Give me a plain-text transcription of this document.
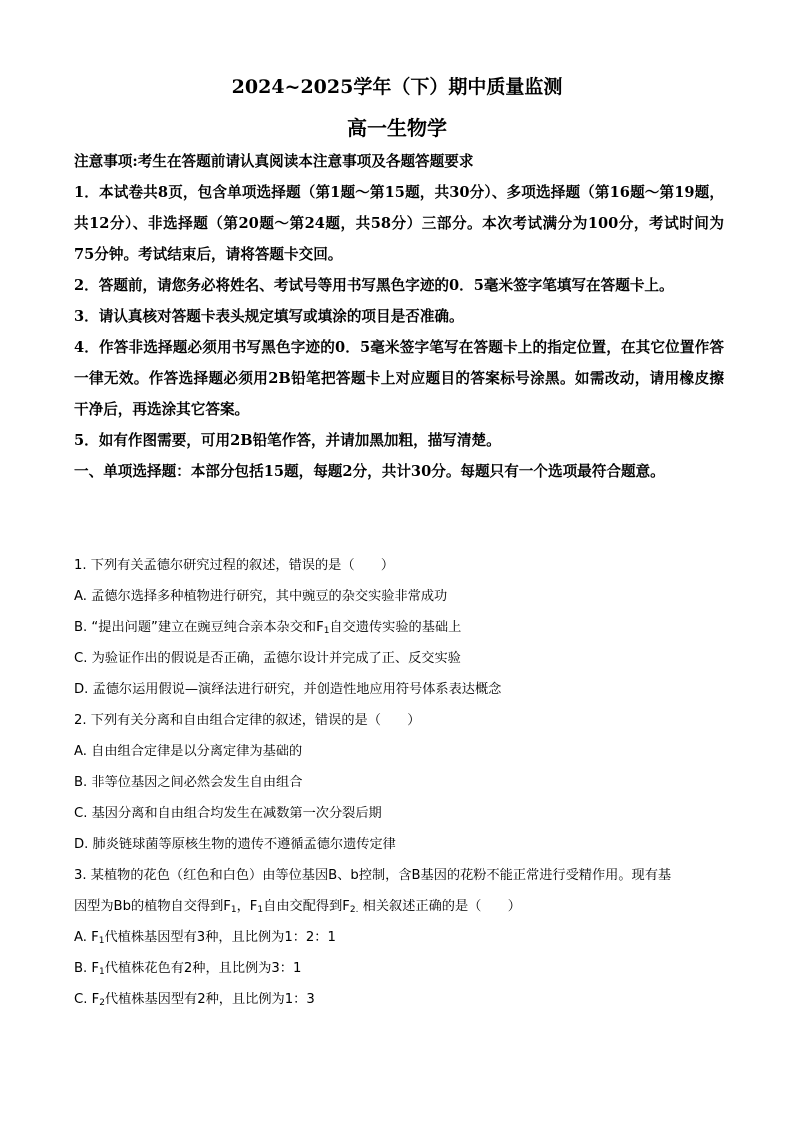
2024~2025学年（下）期中质量监测
高一生物学

注意事项:考生在答题前请认真阅读本注意事项及各题答题要求

1．本试卷共8页，包含单项选择题（第1题～第15题，共30分）、多项选择题（第16题～第19题，共12分）、非选择题（第20题～第24题，共58分）三部分。本次考试满分为100分，考试时间为75分钟。考试结束后，请将答题卡交回。

2．答题前，请您务必将姓名、考试号等用书写黑色字迹的0．5毫米签字笔填写在答题卡上。

3．请认真核对答题卡表头规定填写或填涂的项目是否准确。

4．作答非选择题必须用书写黑色字迹的0．5毫米签字笔写在答题卡上的指定位置，在其它位置作答一律无效。作答选择题必须用2B铅笔把答题卡上对应题目的答案标号涂黑。如需改动，请用橡皮擦干净后，再选涂其它答案。

5．如有作图需要，可用2B铅笔作答，并请加黑加粗，描写清楚。

一、单项选择题：本部分包括15题，每题2分，共计30分。每题只有一个选项最符合题意。

1. 下列有关孟德尔研究过程的叙述，错误的是（　　）

A. 孟德尔选择多种植物进行研究，其中豌豆的杂交实验非常成功

B. “提出问题”建立在豌豆纯合亲本杂交和$F_1$自交遗传实验的基础上

C. 为验证作出的假说是否正确，孟德尔设计并完成了正、反交实验

D. 孟德尔运用假说—演绎法进行研究，并创造性地应用符号体系表达概念

2. 下列有关分离和自由组合定律的叙述，错误的是（　　）

A. 自由组合定律是以分离定律为基础的

B. 非等位基因之间必然会发生自由组合

C. 基因分离和自由组合均发生在减数第一次分裂后期

D. 肺炎链球菌等原核生物的遗传不遵循孟德尔遗传定律

3. 某植物的花色（红色和白色）由等位基因B、b控制，含B基因的花粉不能正常进行受精作用。现有基

因型为Bb的植物自交得到$F_1$，$F_1$自由交配得到$F_{2.}$ 相关叙述正确的是（　　）

A. $F_1$代植株基因型有3种，且比例为1：2：1

B. $F_1$代植株花色有2种，且比例为3：1

C. $F_2$代植株基因型有2种，且比例为1：3
